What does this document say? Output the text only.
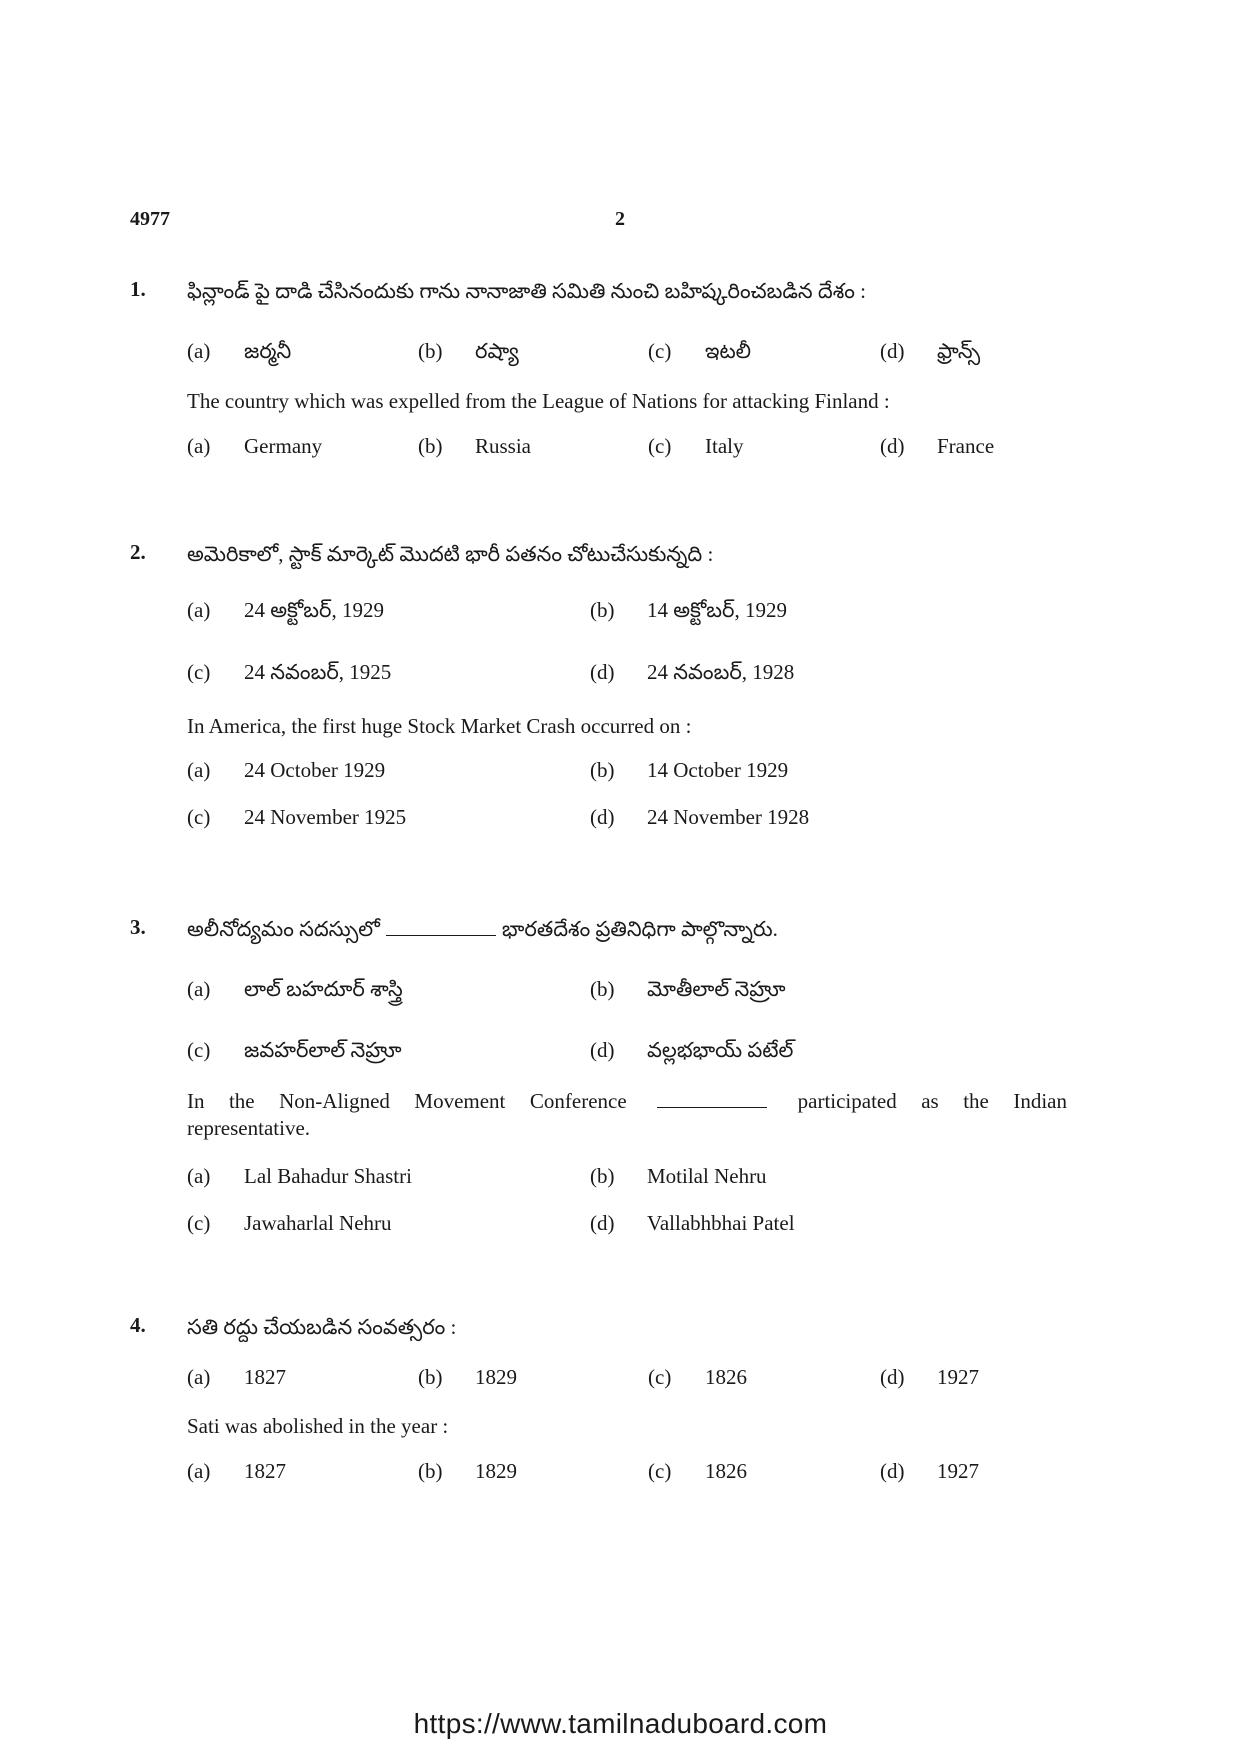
4977	2
1. ఫిన్లాండ్ పై దాడి చేసినందుకు గాను నానాజాతి సమితి నుంచి బహిష్కరించబడిన దేశం :
(a) జర్మనీ	(b) రష్యా	(c) ఇటలీ	(d) ఫ్రాన్స్
The country which was expelled from the League of Nations for attacking Finland :
(a) Germany	(b) Russia	(c) Italy	(d) France
2. అమెరికాలో, స్టాక్ మార్కెట్ మొదటి భారీ పతనం చోటుచేసుకున్నది :
(a) 24 అక్టోబర్, 1929	(b) 14 అక్టోబర్, 1929
(c) 24 నవంబర్, 1925	(d) 24 నవంబర్, 1928
In America, the first huge Stock Market Crash occurred on :
(a) 24 October 1929	(b) 14 October 1929
(c) 24 November 1925	(d) 24 November 1928
3. అలీనోద్యమం సదస్సులో	భారతదేశం ప్రతినిధిగా పాల్గొన్నారు.
(a) లాల్ బహదూర్ శాస్త్రి	(b) మోతీలాల్ నెహ్రూ
(c) జవహర్‌లాల్ నెహ్రూ	(d) వల్లభభాయ్ పటేల్
In the Non-Aligned Movement Conference	participated as the Indian
representative.
(a) Lal Bahadur Shastri	(b) Motilal Nehru
(c) Jawaharlal Nehru	(d) Vallabhbhai Patel
4. సతి రద్దు చేయబడిన సంవత్సరం :
(a) 1827	(b) 1829	(c) 1826	(d) 1927
Sati was abolished in the year :
(a) 1827	(b) 1829	(c) 1826	(d) 1927
https://www.tamilnaduboard.com
